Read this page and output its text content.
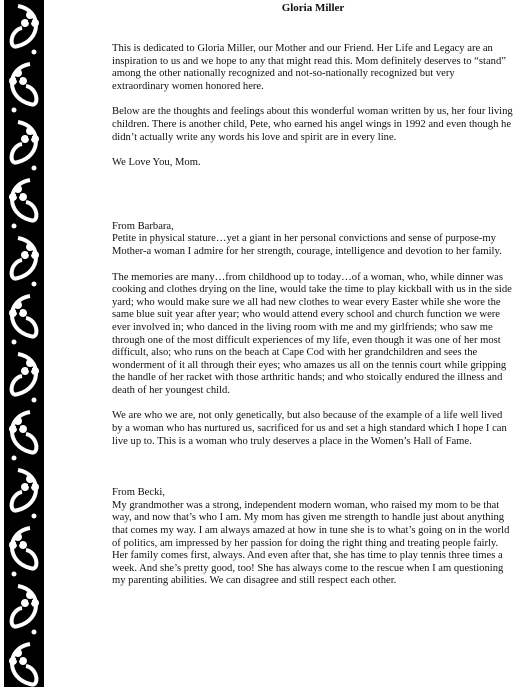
Gloria Miller

This is dedicated to Gloria Miller, our Mother and our Friend. Her Life and Legacy are an inspiration to us and we hope to any that might read this. Mom definitely deserves to “stand” among the other nationally recognized and not-so-nationally recognized but very extraordinary women honored here.

Below are the thoughts and feelings about this wonderful woman written by us, her four living children. There is another child, Pete, who earned his angel wings in 1992 and even though he didn’t actually write any words his love and spirit are in every line.

We Love You, Mom.

From Barbara,

Petite in physical stature…yet a giant in her personal convictions and sense of purpose-my Mother-a woman I admire for her strength, courage, intelligence and devotion to her family.

The memories are many…from childhood up to today…of a woman, who, while dinner was cooking and clothes drying on the line, would take the time to play kickball with us in the side yard; who would make sure we all had new clothes to wear every Easter while she wore the same blue suit year after year; who would attend every school and church function we were ever involved in; who danced in the living room with me and my girlfriends; who saw me through one of the most difficult experiences of my life, even though it was one of her most difficult, also; who runs on the beach at Cape Cod with her grandchildren and sees the wonderment of it all through their eyes; who amazes us all on the tennis court while gripping the handle of her racket with those arthritic hands; and who stoically endured the illness and death of her youngest child.

We are who we are, not only genetically, but also because of the example of a life well lived by a woman who has nurtured us, sacrificed for us and set a high standard which I hope I can live up to. This is a woman who truly deserves a place in the Women’s Hall of Fame.

From Becki,

My grandmother was a strong, independent modern woman, who raised my mom to be that way, and now that’s who I am. My mom has given me strength to handle just about anything that comes my way. I am always amazed at how in tune she is to what’s going on in the world of politics, am impressed by her passion for doing the right thing and treating people fairly. Her family comes first, always. And even after that, she has time to play tennis three times a week. And she’s pretty good, too! She has always come to the rescue when I am questioning my parenting abilities. We can disagree and still respect each other.
